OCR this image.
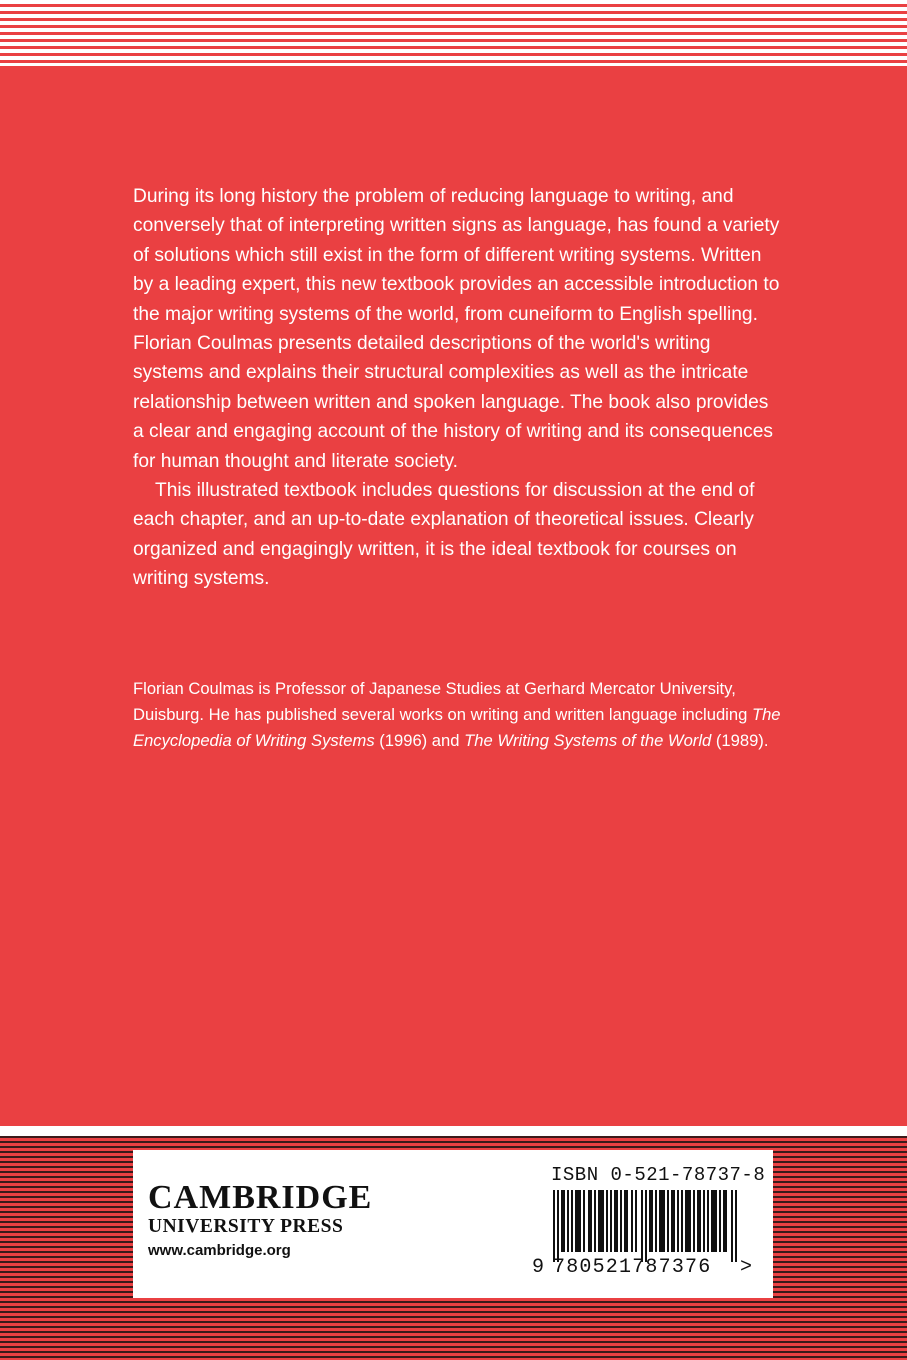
During its long history the problem of reducing language to writing, and conversely that of interpreting written signs as language, has found a variety of solutions which still exist in the form of different writing systems. Written by a leading expert, this new textbook provides an accessible introduction to the major writing systems of the world, from cuneiform to English spelling. Florian Coulmas presents detailed descriptions of the world's writing systems and explains their structural complexities as well as the intricate relationship between written and spoken language. The book also provides a clear and engaging account of the history of writing and its consequences for human thought and literate society.

This illustrated textbook includes questions for discussion at the end of each chapter, and an up-to-date explanation of theoretical issues. Clearly organized and engagingly written, it is the ideal textbook for courses on writing systems.

Florian Coulmas is Professor of Japanese Studies at Gerhard Mercator University, Duisburg. He has published several works on writing and written language including The Encyclopedia of Writing Systems (1996) and The Writing Systems of the World (1989).

CAMBRIDGE
UNIVERSITY PRESS
www.cambridge.org
ISBN 0-521-78737-8
9 780521787376 >
